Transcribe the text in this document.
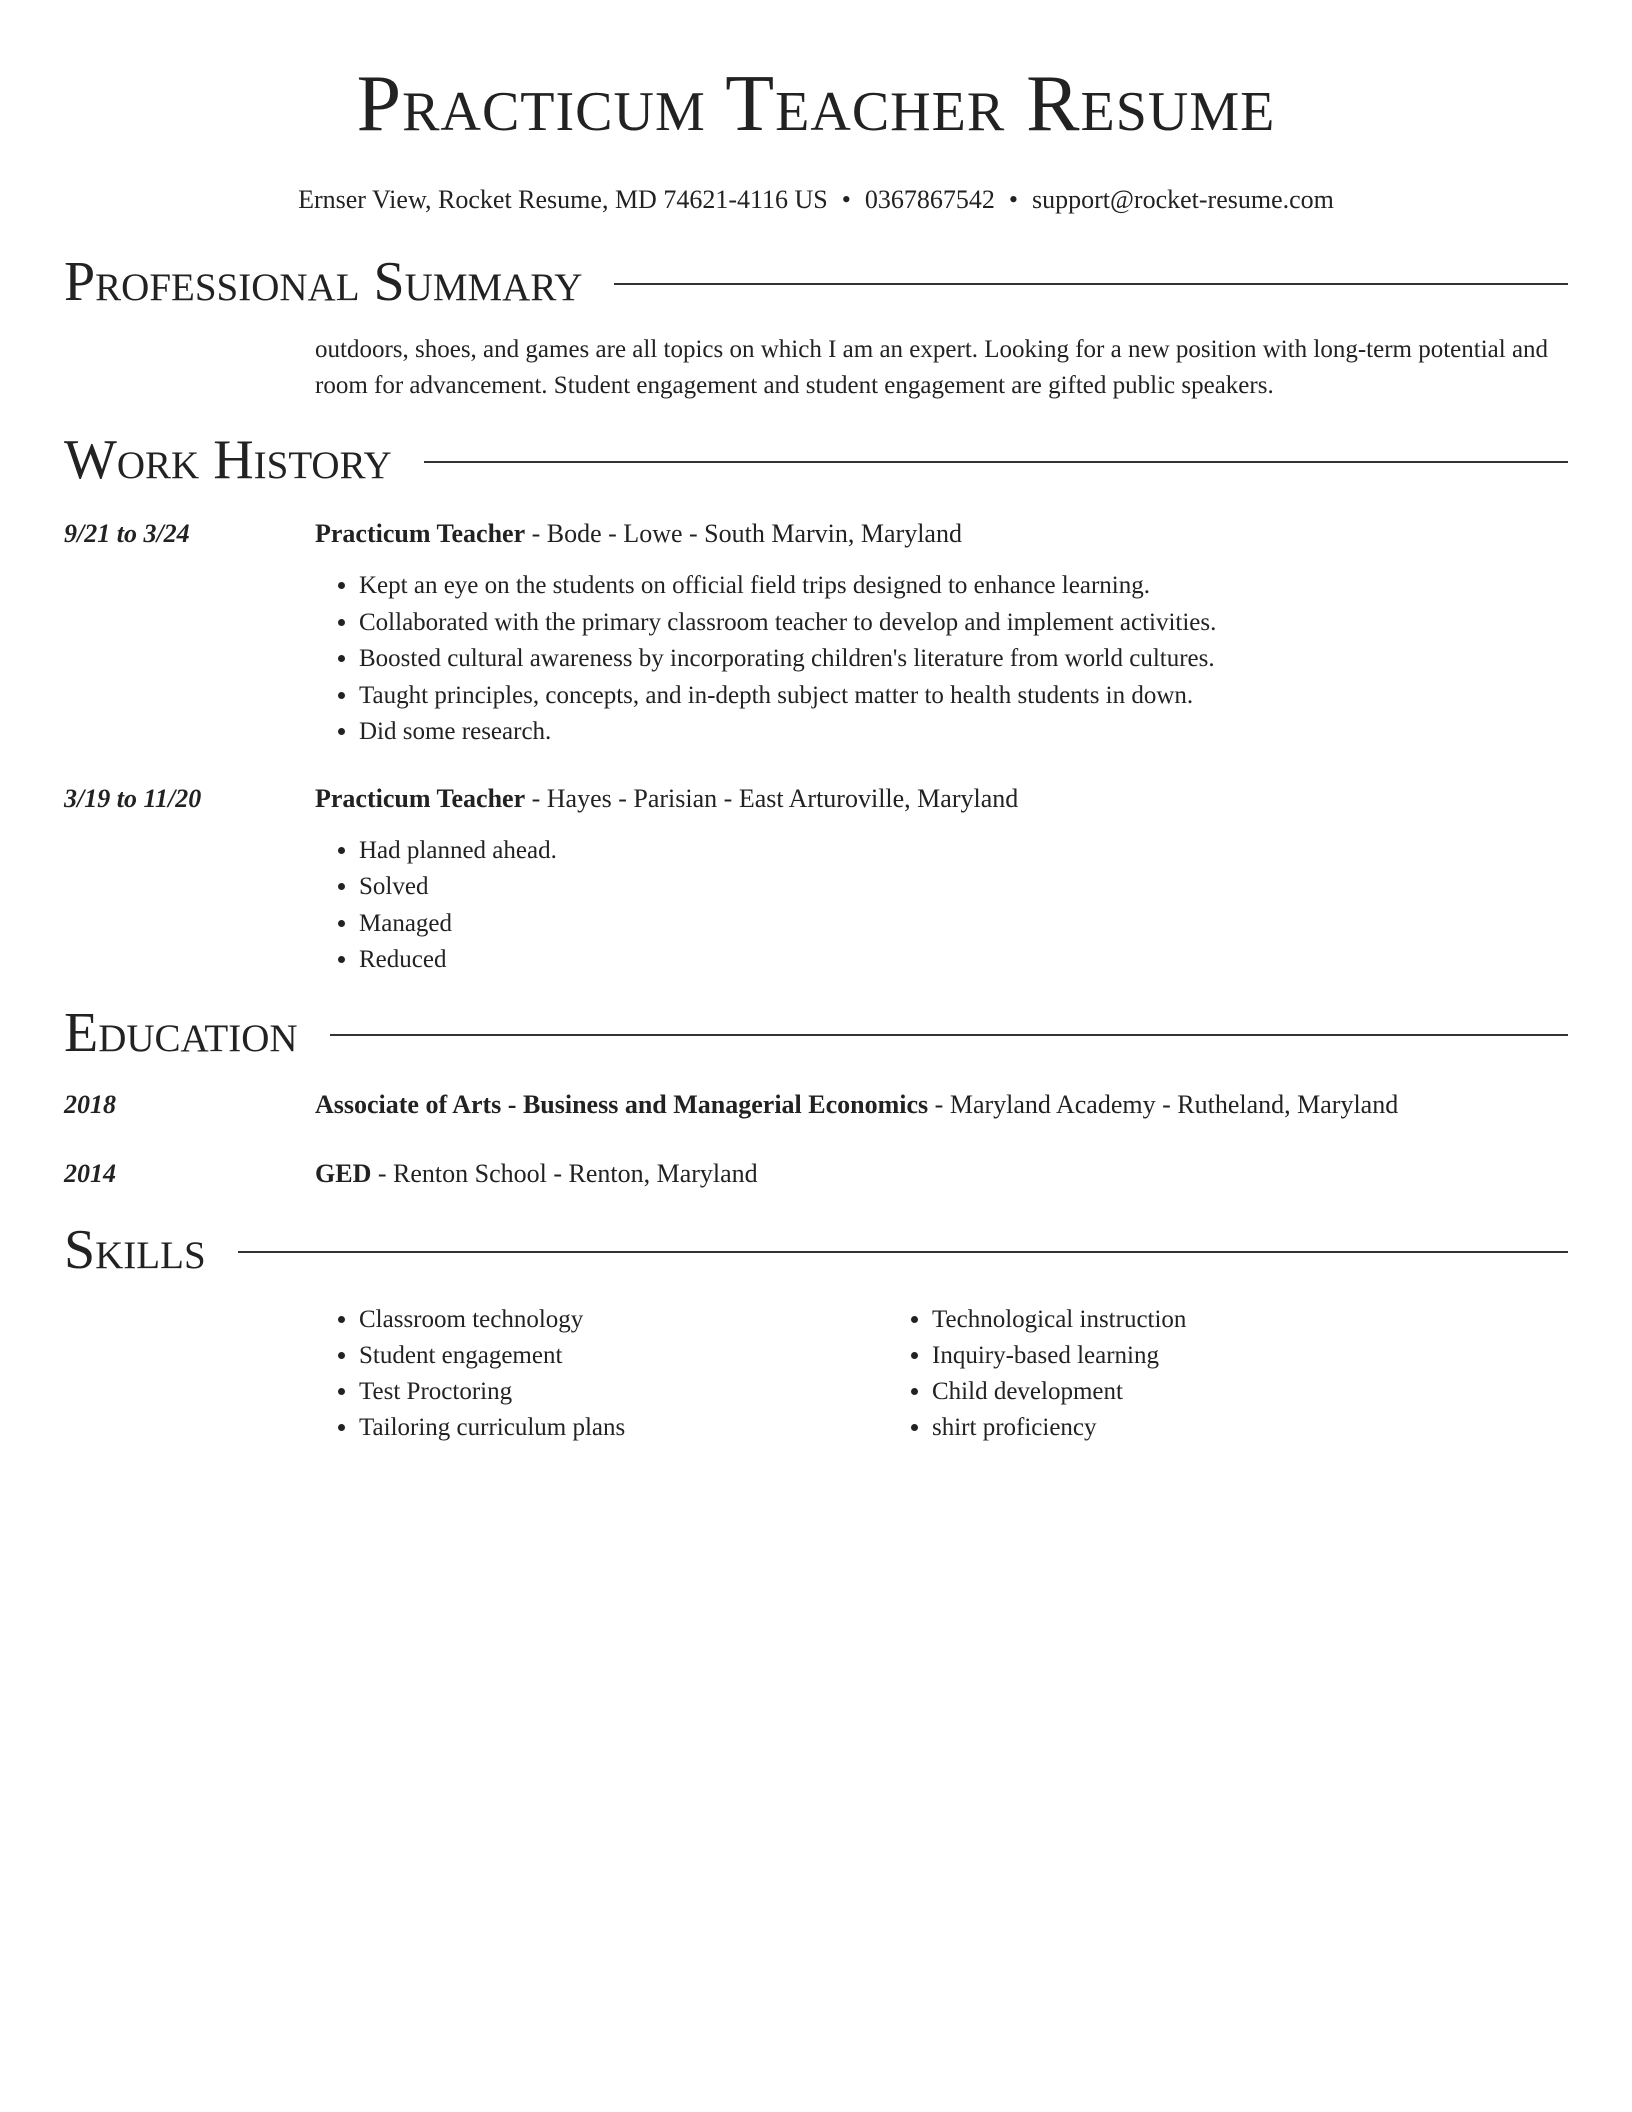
Practicum Teacher Resume
Ernser View, Rocket Resume, MD 74621-4116 US • 0367867542 • support@rocket-resume.com
Professional Summary
outdoors, shoes, and games are all topics on which I am an expert. Looking for a new position with long-term potential and room for advancement. Student engagement and student engagement are gifted public speakers.
Work History
9/21 to 3/24	Practicum Teacher - Bode - Lowe - South Marvin, Maryland
• Kept an eye on the students on official field trips designed to enhance learning.
• Collaborated with the primary classroom teacher to develop and implement activities.
• Boosted cultural awareness by incorporating children's literature from world cultures.
• Taught principles, concepts, and in-depth subject matter to health students in down.
• Did some research.
3/19 to 11/20	Practicum Teacher - Hayes - Parisian - East Arturoville, Maryland
• Had planned ahead.
• Solved
• Managed
• Reduced
Education
2018	Associate of Arts - Business and Managerial Economics - Maryland Academy - Rutheland, Maryland
2014	GED - Renton School - Renton, Maryland
Skills
• Classroom technology
• Student engagement
• Test Proctoring
• Tailoring curriculum plans
• Technological instruction
• Inquiry-based learning
• Child development
• shirt proficiency
